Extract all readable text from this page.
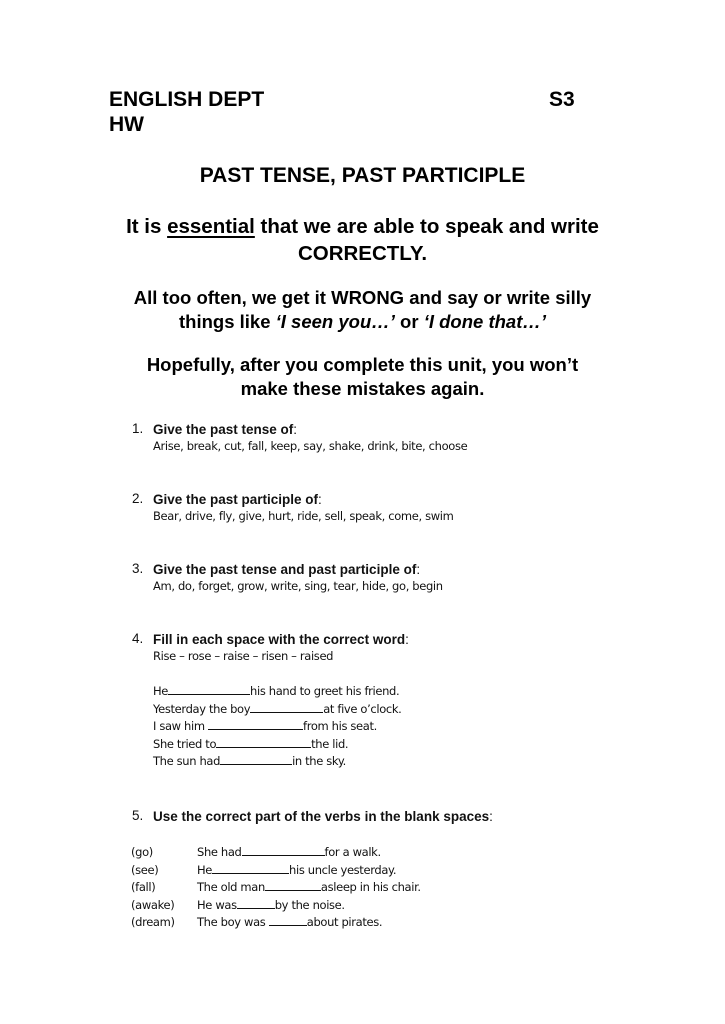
ENGLISH DEPT	S3
HW
PAST TENSE, PAST PARTICIPLE
It is essential that we are able to speak and write
CORRECTLY.
All too often, we get it WRONG and say or write silly
things like ‘I seen you…’ or ‘I done that…’
Hopefully, after you complete this unit, you won’t
make these mistakes again.
1. Give the past tense of:
Arise, break, cut, fall, keep, say, shake, drink, bite, choose
2. Give the past participle of:
Bear, drive, fly, give, hurt, ride, sell, speak, come, swim
3. Give the past tense and past participle of:
Am, do, forget, grow, write, sing, tear, hide, go, begin
4. Fill in each space with the correct word:
Rise – rose – raise – risen – raised
He	his hand to greet his friend.
Yesterday the boy	at five o’clock.
I saw him	from his seat.
She tried to	the lid.
The sun had	in the sky.
5. Use the correct part of the verbs in the blank spaces:
(go)	She had	for a walk.
(see)	He	his uncle yesterday.
(fall)	The old man	asleep in his chair.
(awake) He was	by the noise.
(dream) The boy was	about pirates.
